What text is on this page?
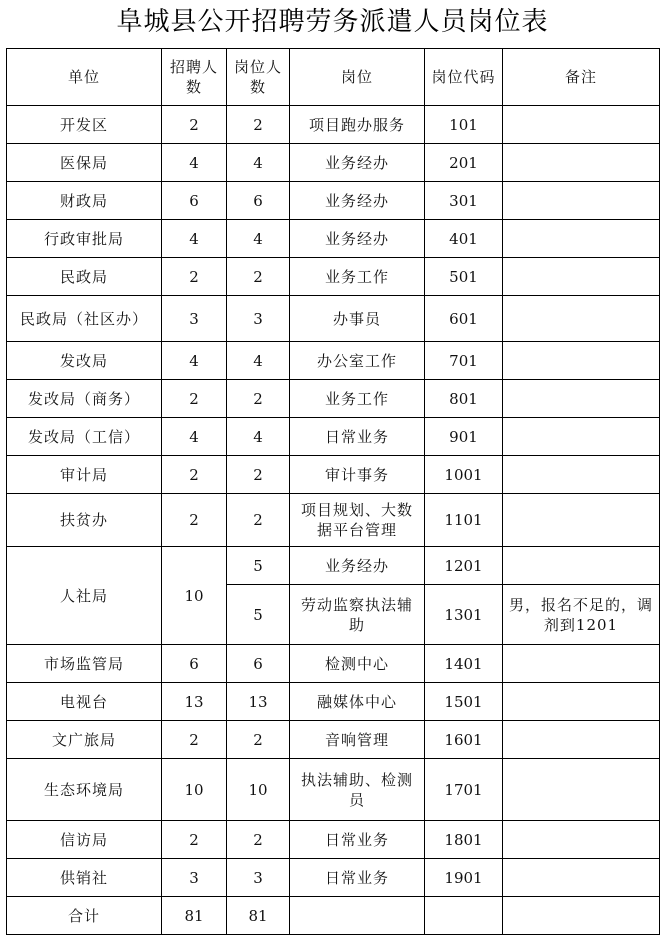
阜城县公开招聘劳务派遣人员岗位表
单位	招聘人数	岗位人数	岗位	岗位代码	备注
开发区	2	2	项目跑办服务	101	
医保局	4	4	业务经办	201	
财政局	6	6	业务经办	301	
行政审批局	4	4	业务经办	401	
民政局	2	2	业务工作	501	
民政局（社区办）	3	3	办事员	601	
发改局	4	4	办公室工作	701	
发改局（商务）	2	2	业务工作	801	
发改局（工信）	4	4	日常业务	901	
审计局	2	2	审计事务	1001	
扶贫办	2	2	项目规划、大数据平台管理	1101	
人社局	10	5	业务经办	1201	
		5	劳动监察执法辅助	1301	男，报名不足的，调剂到1201
市场监管局	6	6	检测中心	1401	
电视台	13	13	融媒体中心	1501	
文广旅局	2	2	音响管理	1601	
生态环境局	10	10	执法辅助、检测员	1701	
信访局	2	2	日常业务	1801	
供销社	3	3	日常业务	1901	
合计	81	81			
